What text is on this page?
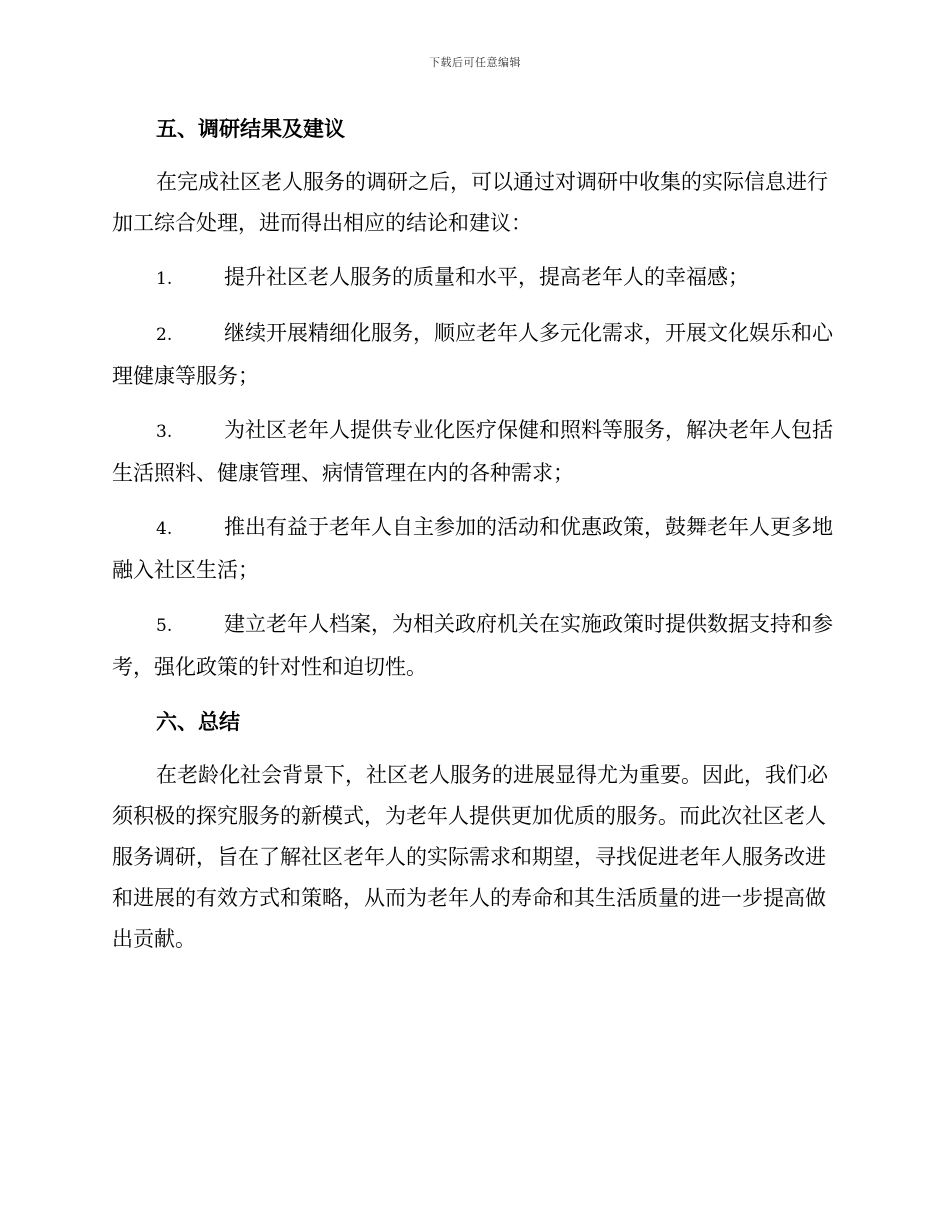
下载后可任意编辑
五、调研结果及建议
在完成社区老人服务的调研之后，可以通过对调研中收集的实际信息进行加工综合处理，进而得出相应的结论和建议：
1. 提升社区老人服务的质量和水平，提高老年人的幸福感；
2. 继续开展精细化服务，顺应老年人多元化需求，开展文化娱乐和心理健康等服务；
3. 为社区老年人提供专业化医疗保健和照料等服务，解决老年人包括生活照料、健康管理、病情管理在内的各种需求；
4. 推出有益于老年人自主参加的活动和优惠政策，鼓舞老年人更多地融入社区生活；
5. 建立老年人档案，为相关政府机关在实施政策时提供数据支持和参考，强化政策的针对性和迫切性。
六、总结
在老龄化社会背景下，社区老人服务的进展显得尤为重要。因此，我们必须积极的探究服务的新模式，为老年人提供更加优质的服务。而此次社区老人服务调研，旨在了解社区老年人的实际需求和期望，寻找促进老年人服务改进和进展的有效方式和策略，从而为老年人的寿命和其生活质量的进一步提高做出贡献。
